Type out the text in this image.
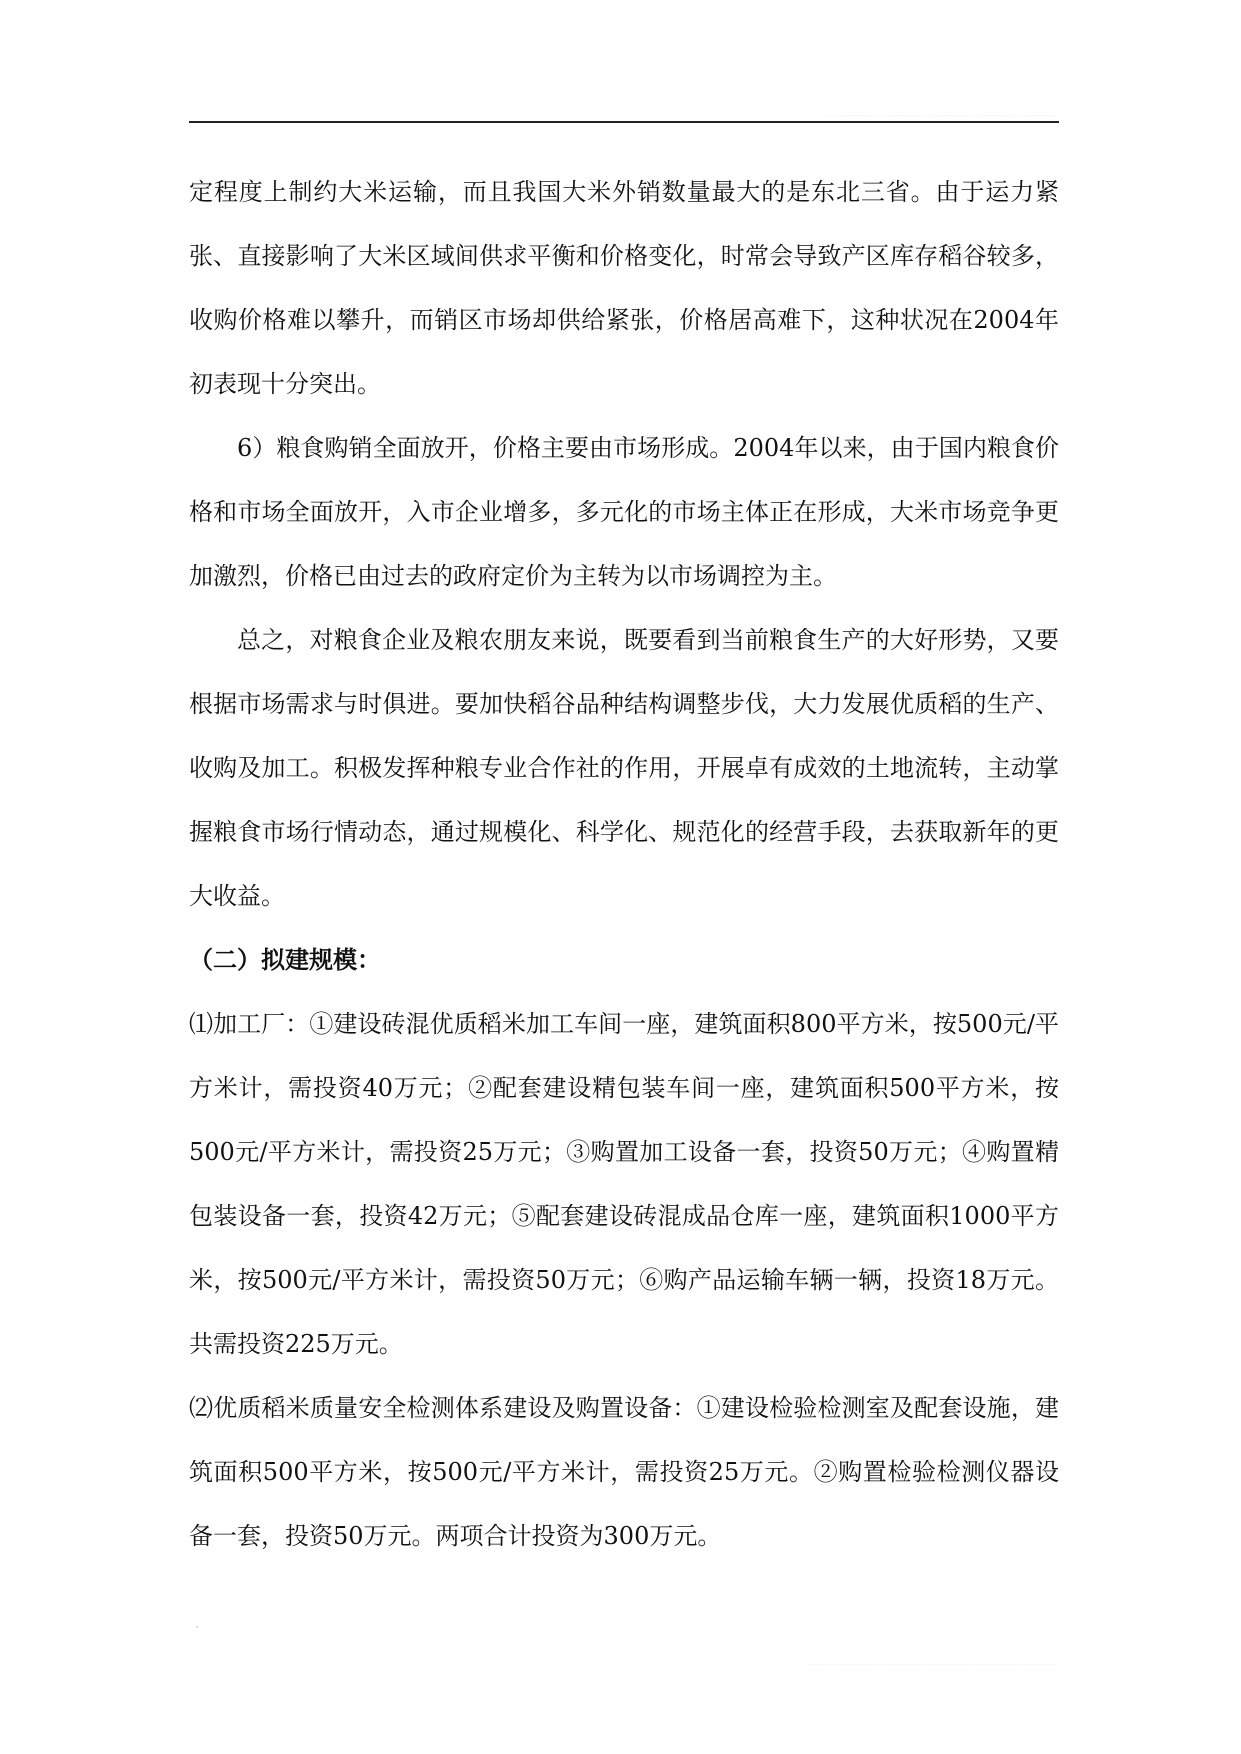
................................................................................................................

定程度上制约大米运输，而且我国大米外销数量最大的是东北三省。由于运力紧张、直接影响了大米区域间供求平衡和价格变化，时常会导致产区库存稻谷较多，收购价格难以攀升，而销区市场却供给紧张，价格居高难下，这种状况在2004年初表现十分突出。

6）粮食购销全面放开，价格主要由市场形成。2004年以来，由于国内粮食价格和市场全面放开，入市企业增多，多元化的市场主体正在形成，大米市场竞争更加激烈，价格已由过去的政府定价为主转为以市场调控为主。

总之，对粮食企业及粮农朋友来说，既要看到当前粮食生产的大好形势，又要根据市场需求与时俱进。要加快稻谷品种结构调整步伐，大力发展优质稻的生产、收购及加工。积极发挥种粮专业合作社的作用，开展卓有成效的土地流转，主动掌握粮食市场行情动态，通过规模化、科学化、规范化的经营手段，去获取新年的更大收益。

（二）拟建规模：

⑴加工厂：①建设砖混优质稻米加工车间一座，建筑面积800平方米，按500元/平方米计，需投资40万元；②配套建设精包装车间一座，建筑面积500平方米，按500元/平方米计，需投资25万元；③购置加工设备一套，投资50万元；④购置精包装设备一套，投资42万元；⑤配套建设砖混成品仓库一座，建筑面积1000平方米，按500元/平方米计，需投资50万元；⑥购产品运输车辆一辆，投资18万元。共需投资225万元。

⑵优质稻米质量安全检测体系建设及购置设备：①建设检验检测室及配套设施，建筑面积500平方米，按500元/平方米计，需投资25万元。②购置检验检测仪器设备一套，投资50万元。两项合计投资为300万元。

........................................................................................................................
